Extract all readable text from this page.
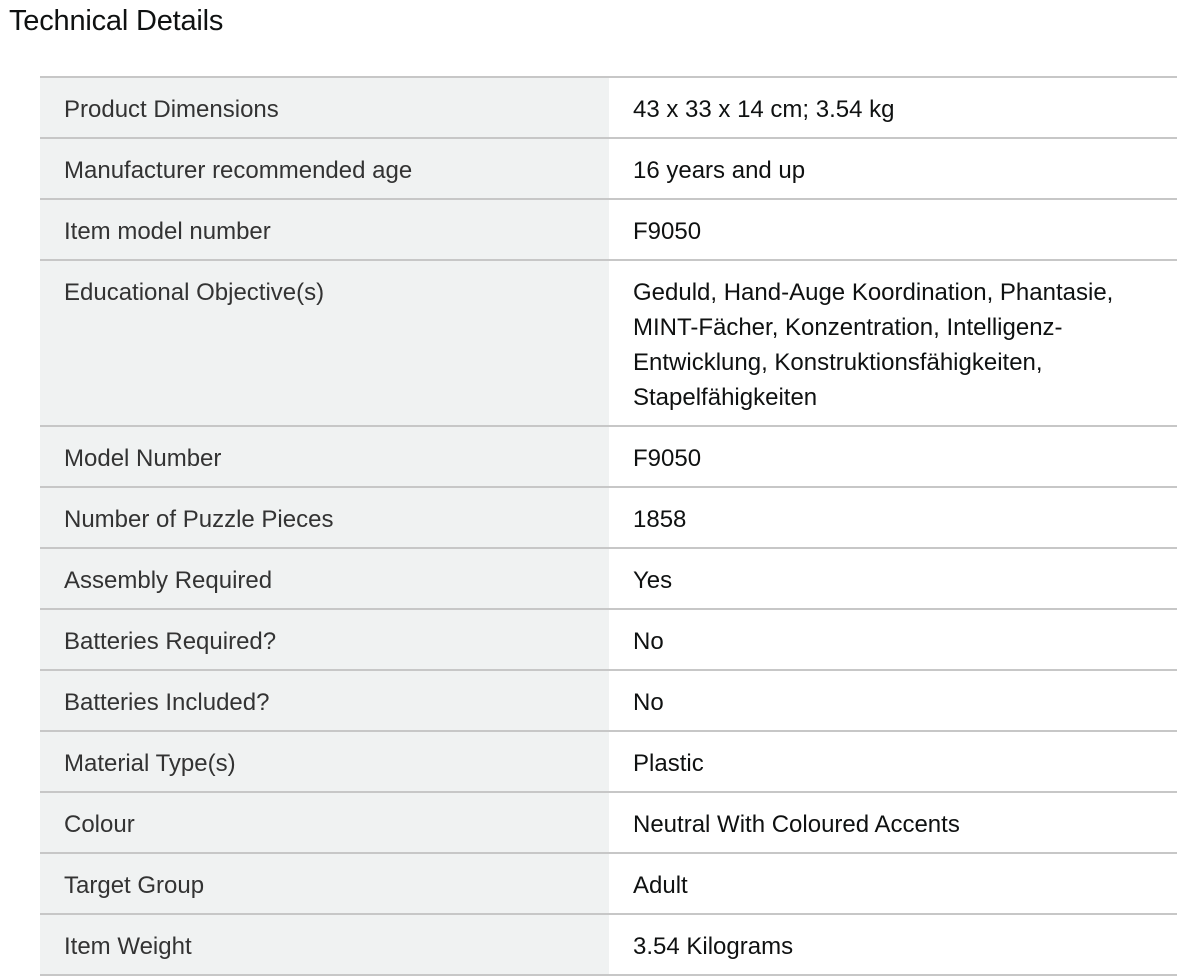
Technical Details
Product Dimensions	43 x 33 x 14 cm; 3.54 kg
Manufacturer recommended age	16 years and up
Item model number	F9050
Educational Objective(s)	Geduld, Hand-Auge Koordination, Phantasie, MINT-Fächer, Konzentration, Intelligenz-Entwicklung, Konstruktionsfähigkeiten, Stapelfähigkeiten
Model Number	F9050
Number of Puzzle Pieces	1858
Assembly Required	Yes
Batteries Required?	No
Batteries Included?	No
Material Type(s)	Plastic
Colour	Neutral With Coloured Accents
Target Group	Adult
Item Weight	3.54 Kilograms
